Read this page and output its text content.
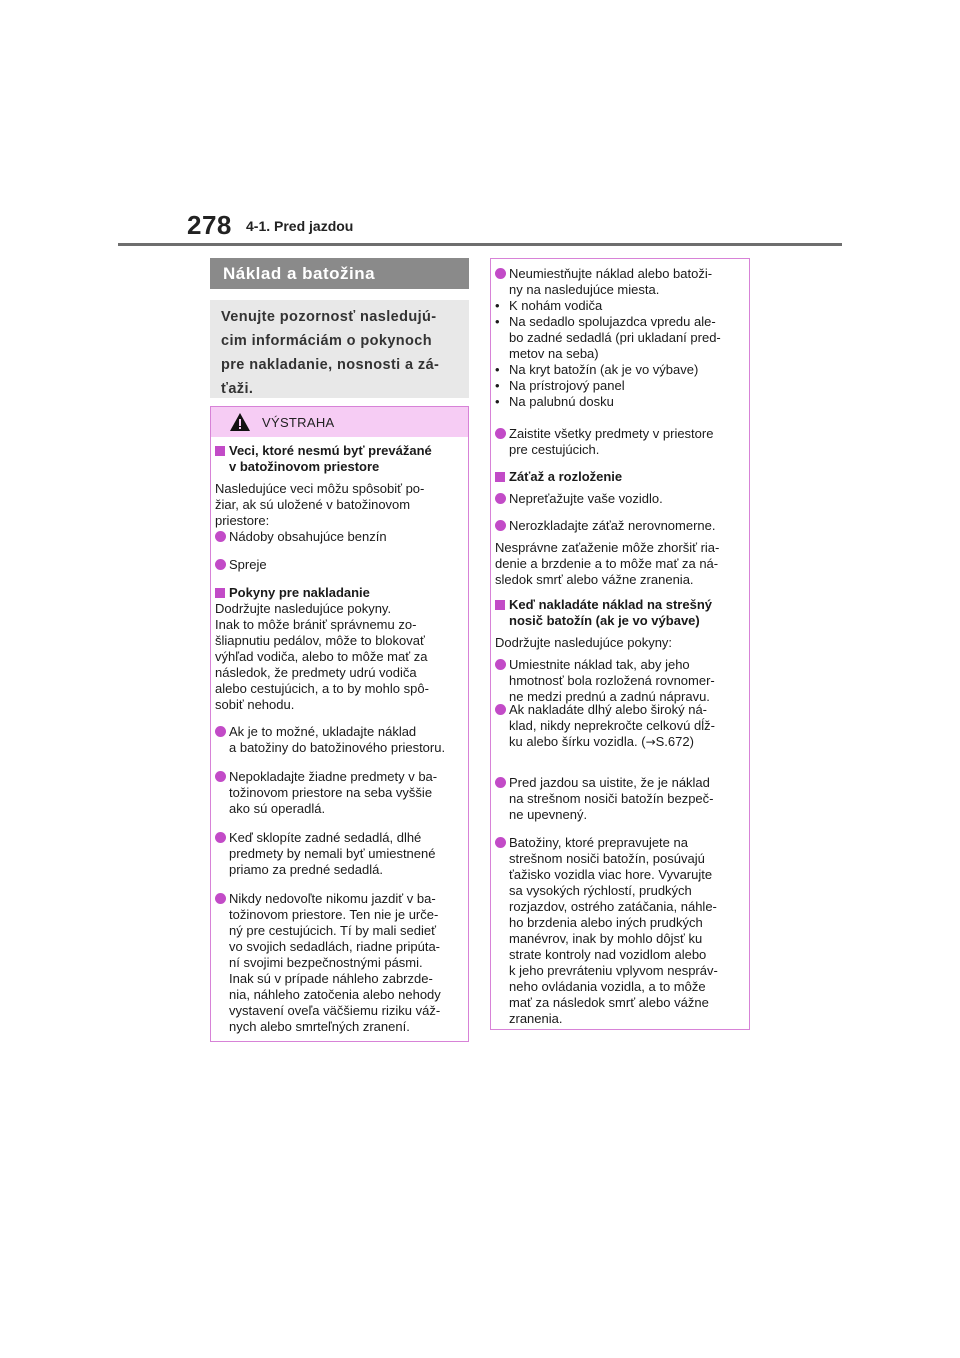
278 4-1. Pred jazdou
Náklad a batožina
Venujte pozornosť nasledujú-
cim informáciám o pokynoch
pre nakladanie, nosnosti a zá-
ťaži.
VÝSTRAHA
Veci, ktoré nesmú byť prevážané
v batožinovom priestore
Nasledujúce veci môžu spôsobiť po-
žiar, ak sú uložené v batožinovom
priestore:
Nádoby obsahujúce benzín
Spreje
Pokyny pre nakladanie
Dodržujte nasledujúce pokyny.
Inak to môže brániť správnemu zo-
šliapnutiu pedálov, môže to blokovať
výhľad vodiča, alebo to môže mať za
následok, že predmety udrú vodiča
alebo cestujúcich, a to by mohlo spô-
sobiť nehodu.
Ak je to možné, ukladajte náklad
a batožiny do batožinového priestoru.
Nepokladajte žiadne predmety v ba-
tožinovom priestore na seba vyššie
ako sú operadlá.
Keď sklopíte zadné sedadlá, dlhé
predmety by nemali byť umiestnené
priamo za predné sedadlá.
Nikdy nedovoľte nikomu jazdiť v ba-
tožinovom priestore. Ten nie je urče-
ný pre cestujúcich. Tí by mali sedieť
vo svojich sedadlách, riadne pripúta-
ní svojimi bezpečnostnými pásmi.
Inak sú v prípade náhleho zabrzde-
nia, náhleho zatočenia alebo nehody
vystavení oveľa väčšiemu riziku váž-
nych alebo smrteľných zranení.
Neumiestňujte náklad alebo batoži-
ny na nasledujúce miesta.
• K nohám vodiča
• Na sedadlo spolujazdca vpredu ale-
bo zadné sedadlá (pri ukladaní pred-
metov na seba)
• Na kryt batožín (ak je vo výbave)
• Na prístrojový panel
• Na palubnú dosku
Zaistite všetky predmety v priestore
pre cestujúcich.
Záťaž a rozloženie
Nepreťažujte vaše vozidlo.
Nerozkladajte záťaž nerovnomerne.
Nesprávne zaťaženie môže zhoršiť ria-
denie a brzdenie a to môže mať za ná-
sledok smrť alebo vážne zranenia.
Keď nakladáte náklad na strešný
nosič batožín (ak je vo výbave)
Dodržujte nasledujúce pokyny:
Umiestnite náklad tak, aby jeho
hmotnosť bola rozložená rovnomer-
ne medzi prednú a zadnú nápravu.
Ak nakladáte dlhý alebo široký ná-
klad, nikdy neprekročte celkovú dĺž-
ku alebo šírku vozidla. (→S.672)
Pred jazdou sa uistite, že je náklad
na strešnom nosiči batožín bezpeč-
ne upevnený.
Batožiny, ktoré prepravujete na
strešnom nosiči batožín, posúvajú
ťažisko vozidla viac hore. Vyvarujte
sa vysokých rýchlostí, prudkých
rozjazdov, ostrého zatáčania, náhle-
ho brzdenia alebo iných prudkých
manévrov, inak by mohlo dôjsť ku
strate kontroly nad vozidlom alebo
k jeho prevráteniu vplyvom nespráv-
neho ovládania vozidla, a to môže
mať za následok smrť alebo vážne
zranenia.
